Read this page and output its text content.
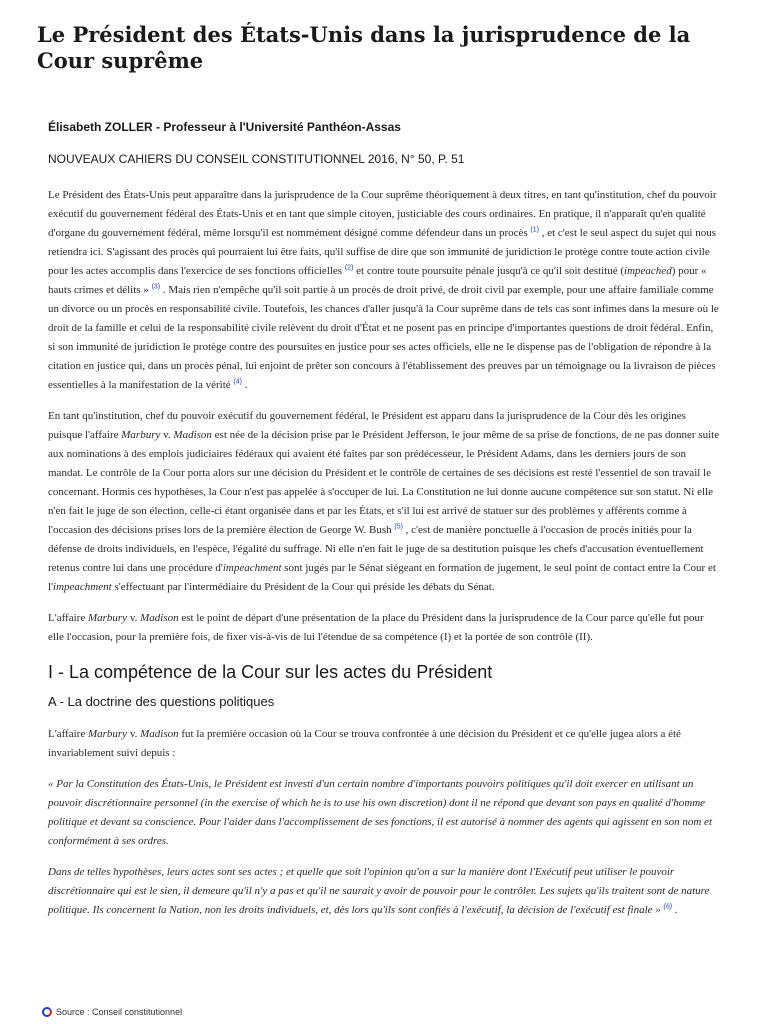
Le Président des États-Unis dans la jurisprudence de la Cour suprême
Élisabeth ZOLLER - Professeur à l'Université Panthéon-Assas
NOUVEAUX CAHIERS DU CONSEIL CONSTITUTIONNEL 2016, N° 50, P. 51

Le Président des États-Unis peut apparaître dans la jurisprudence de la Cour suprême théoriquement à deux titres, en tant qu'institution, chef du pouvoir exécutif du gouvernement fédéral des États-Unis et en tant que simple citoyen, justiciable des cours ordinaires. En pratique, il n'apparaît qu'en qualité d'organe du gouvernement fédéral, même lorsqu'il est nommément désigné comme défendeur dans un procès $^{(1)}$ , et c'est le seul aspect du sujet qui nous retiendra ici. S'agissant des procès qui pourraient lui être faits, qu'il suffise de dire que son immunité de juridiction le protège contre toute action civile pour les actes accomplis dans l'exercice de ses fonctions officielles $^{(2)}$ et contre toute poursuite pénale jusqu'à ce qu'il soit destitué (impeached) pour « hauts crimes et délits » $^{(3)}$ . Mais rien n'empêche qu'il soit partie à un procès de droit privé, de droit civil par exemple, pour une affaire familiale comme un divorce ou un procès en responsabilité civile. Toutefois, les chances d'aller jusqu'à la Cour suprême dans de tels cas sont infimes dans la mesure où le droit de la famille et celui de la responsabilité civile relèvent du droit d'État et ne posent pas en principe d'importantes questions de droit fédéral. Enfin, si son immunité de juridiction le protège contre des poursuites en justice pour ses actes officiels, elle ne le dispense pas de l'obligation de répondre à la citation en justice qui, dans un procès pénal, lui enjoint de prêter son concours à l'établissement des preuves par un témoignage ou la livraison de pièces essentielles à la manifestation de la vérité $^{(4)}$ .

En tant qu'institution, chef du pouvoir exécutif du gouvernement fédéral, le Président est apparu dans la jurisprudence de la Cour dès les origines puisque l'affaire Marbury v. Madison est née de la décision prise par le Président Jefferson, le jour même de sa prise de fonctions, de ne pas donner suite aux nominations à des emplois judiciaires fédéraux qui avaient été faites par son prédécesseur, le Président Adams, dans les derniers jours de son mandat. Le contrôle de la Cour porta alors sur une décision du Président et le contrôle de certaines de ses décisions est resté l'essentiel de son travail le concernant. Hormis ces hypothèses, la Cour n'est pas appelée à s'occuper de lui. La Constitution ne lui donne aucune compétence sur son statut. Ni elle n'en fait le juge de son élection, celle-ci étant organisée dans et par les États, et s'il lui est arrivé de statuer sur des problèmes y afférents comme à l'occasion des décisions prises lors de la première élection de George W. Bush $^{(5)}$ , c'est de manière ponctuelle à l'occasion de procès initiés pour la défense de droits individuels, en l'espèce, l'égalité du suffrage. Ni elle n'en fait le juge de sa destitution puisque les chefs d'accusation éventuellement retenus contre lui dans une procédure d'impeachment sont jugés par le Sénat siégeant en formation de jugement, le seul point de contact entre la Cour et l'impeachment s'effectuant par l'intermédiaire du Président de la Cour qui préside les débats du Sénat.

L'affaire Marbury v. Madison est le point de départ d'une présentation de la place du Président dans la jurisprudence de la Cour parce qu'elle fut pour elle l'occasion, pour la première fois, de fixer vis-à-vis de lui l'étendue de sa compétence (I) et la portée de son contrôle (II).

I - La compétence de la Cour sur les actes du Président
A - La doctrine des questions politiques

L'affaire Marbury v. Madison fut la première occasion où la Cour se trouva confrontée à une décision du Président et ce qu'elle jugea alors a été invariablement suivi depuis :

« Par la Constitution des États-Unis, le Président est investi d'un certain nombre d'importants pouvoirs politiques qu'il doit exercer en utilisant un pouvoir discrétionnaire personnel (in the exercise of which he is to use his own discretion) dont il ne répond que devant son pays en qualité d'homme politique et devant sa conscience. Pour l'aider dans l'accomplissement de ses fonctions, il est autorisé à nommer des agents qui agissent en son nom et conformément à ses ordres.

Dans de telles hypothèses, leurs actes sont ses actes ; et quelle que soit l'opinion qu'on a sur la manière dont l'Exécutif peut utiliser le pouvoir discrétionnaire qui est le sien, il demeure qu'il n'y a pas et qu'il ne saurait y avoir de pouvoir pour le contrôler. Les sujets qu'ils traitent sont de nature politique. Ils concernent la Nation, non les droits individuels, et, dès lors qu'ils sont confiés à l'exécutif, la décision de l'exécutif est finale » $^{(6)}$ .

Source : Conseil constitutionnel
